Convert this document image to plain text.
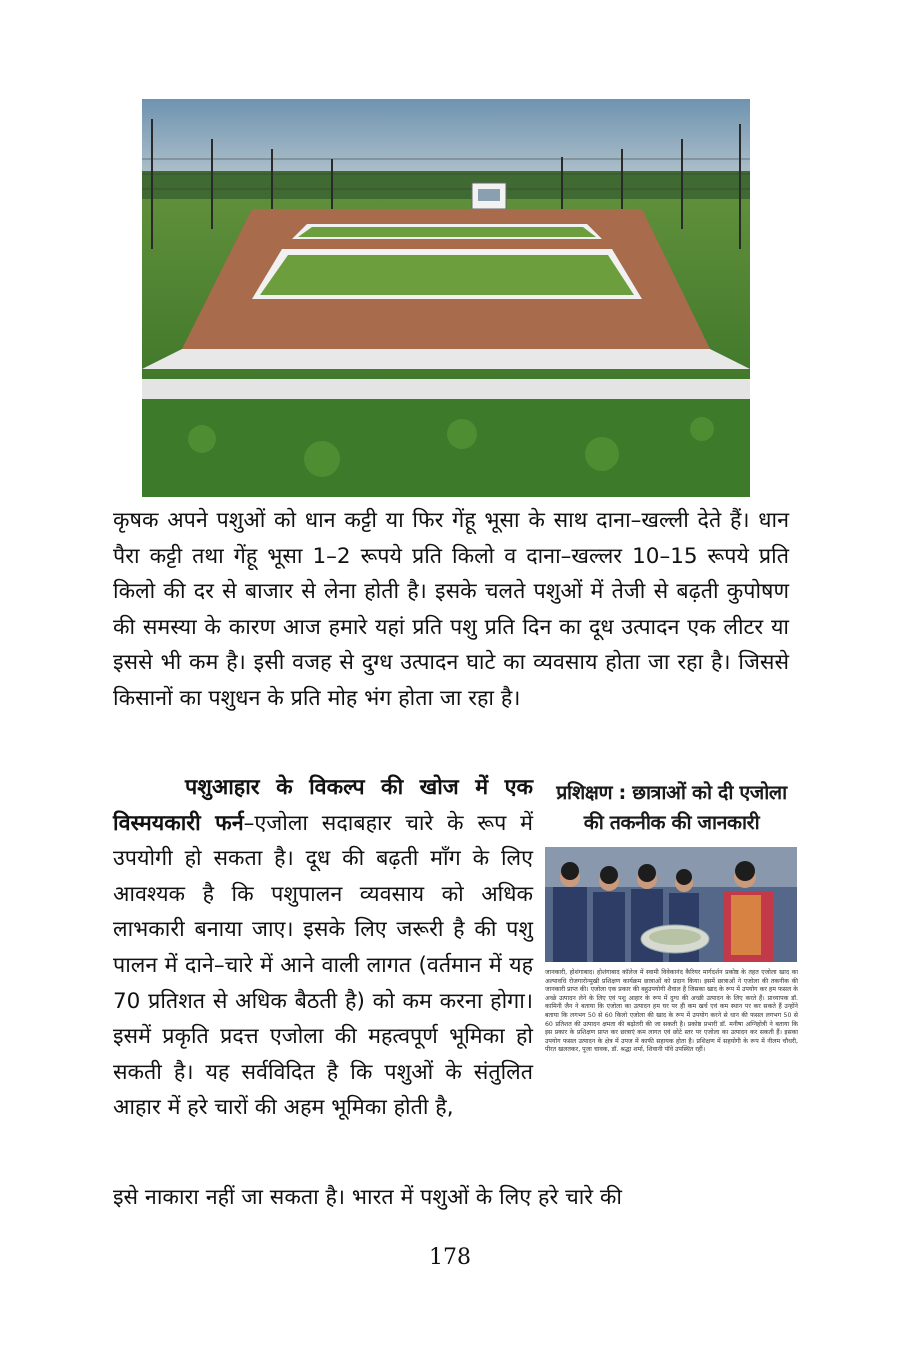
कृषक अपने पशुओं को धान कट्टी या फिर गेंहू भूसा के साथ दाना–खल्ली देते हैं। धान पैरा कट्टी तथा गेंहू भूसा 1–2 रूपये प्रति किलो व दाना–खल्लर 10–15 रूपये प्रति किलो की दर से बाजार से लेना होती है। इसके चलते पशुओं में तेजी से बढ़ती कुपोषण की समस्या के कारण आज हमारे यहां प्रति पशु प्रति दिन का दूध उत्पादन एक लीटर या इससे भी कम है। इसी वजह से दुग्ध उत्पादन घाटे का व्यवसाय होता जा रहा है। जिससे किसानों का पशुधन के प्रति मोह भंग होता जा रहा है।

पशुआहार के विकल्प की खोज में एक विस्मयकारी फर्न–एजोला सदाबहार चारे के रूप में उपयोगी हो सकता है। दूध की बढ़ती माँग के लिए आवश्यक है कि पशुपालन व्यवसाय को अधिक लाभकारी बनाया जाए। इसके लिए जरूरी है की पशु पालन में दाने–चारे में आने वाली लागत (वर्तमान में यह 70 प्रतिशत से अधिक बैठती है) को कम करना होगा। इसमें प्रकृति प्रदत्त एजोला की महत्वपूर्ण भूमिका हो सकती है। यह सर्वविदित है कि पशुओं के संतुलित आहार में हरे चारों की अहम भूमिका होती है,

प्रशिक्षण : छात्राओं को दी एजोला की तकनीक की जानकारी
जानकारी, होशंगाबाद। होशंगाबाद कॉलेज में स्वामी विवेकानंद कैरियर मार्गदर्शन प्रकोष्ठ के तहत एजोला खाद का अल्पावधि रोजगारोन्मुखी प्रशिक्षण कार्यक्रम छात्राओं को प्रदान किया। इसमें छात्राओं ने एजोला की तकनीक की जानकारी प्राप्त की। एजोला एक प्रकार की बहुउपयोगी शैवाल है जिसका खाद के रूप में उपयोग कर हम फसल के अच्छे उत्पादन लेने के लिए एवं पशु आहार के रूप में दुग्ध की अच्छी उत्पादन के लिए करते हैं। प्राध्यापक डॉ. कामिनी जैन ने बताया कि एजोला का उत्पादन हम घर पर ही कम खर्च एवं कम स्थान पर कर सकते हैं उन्होंने बताया कि लगभग 50 से 60 किलो एजोला की खाद के रूप में उपयोग करने से धान की फसल लगभग 50 से 60 प्रतिशत की उत्पादन क्षमता की बढ़ोतरी की जा सकती है। प्रकोष्ठ प्रभारी डॉ. मनीषा अग्निहोत्री ने बताया कि इस प्रकार के प्रशिक्षण प्राप्त कर छात्राएं कम लागत एवं छोटे स्तर पर एजोला का उत्पादन कर सकती हैं। इसका उपयोग फसल उत्पादन के क्षेत्र में उपज में काफी सहायक होता है। प्रशिक्षण में सहयोगी के रूप में नीलम चौधरी, पीरत खलतकर, पूजा चावक, डॉ. श्रद्धा शर्मा, शिवानी पॉवे उपस्थित रहीं।

इसे नाकारा नहीं जा सकता है। भारत में पशुओं के लिए हरे चारे की

178
